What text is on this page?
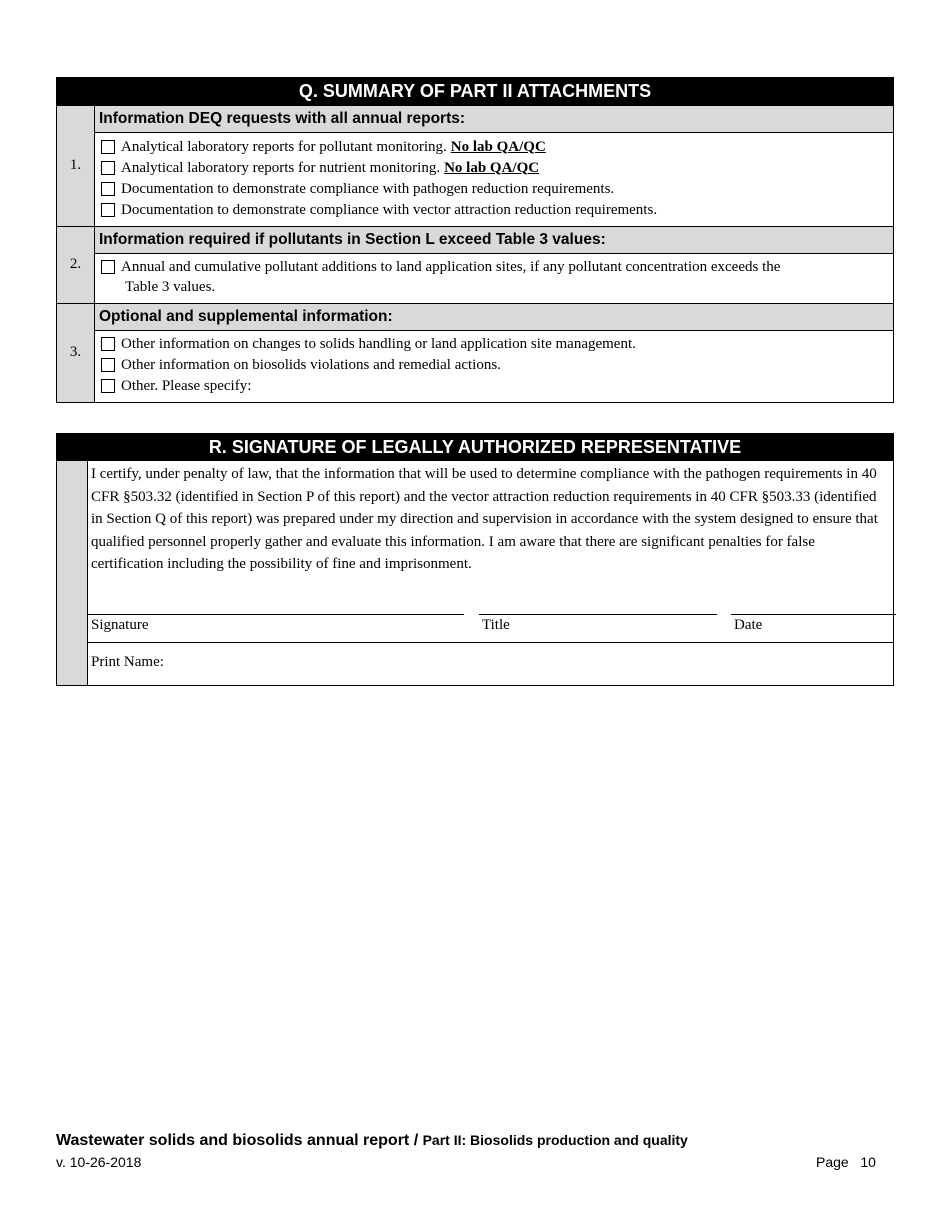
Q. SUMMARY OF PART II ATTACHMENTS
1.
Information DEQ requests with all annual reports:
Analytical laboratory reports for pollutant monitoring. No lab QA/QC
Analytical laboratory reports for nutrient monitoring. No lab QA/QC
Documentation to demonstrate compliance with pathogen reduction requirements.
Documentation to demonstrate compliance with vector attraction reduction requirements.
2.
Information required if pollutants in Section L exceed Table 3 values:
Annual and cumulative pollutant additions to land application sites, if any pollutant concentration exceeds the
Table 3 values.
3.
Optional and supplemental information:
Other information on changes to solids handling or land application site management.
Other information on biosolids violations and remedial actions.
Other. Please specify:
R. SIGNATURE OF LEGALLY AUTHORIZED REPRESENTATIVE
I certify, under penalty of law, that the information that will be used to determine compliance with the pathogen requirements in 40 CFR §503.32 (identified in Section P of this report) and the vector attraction reduction requirements in 40 CFR §503.33 (identified in Section Q of this report) was prepared under my direction and supervision in accordance with the system designed to ensure that qualified personnel properly gather and evaluate this information. I am aware that there are significant penalties for false certification including the possibility of fine and imprisonment.
Signature	Title	Date
Print Name:
Wastewater solids and biosolids annual report / Part II: Biosolids production and quality
v. 10-26-2018	Page 10
